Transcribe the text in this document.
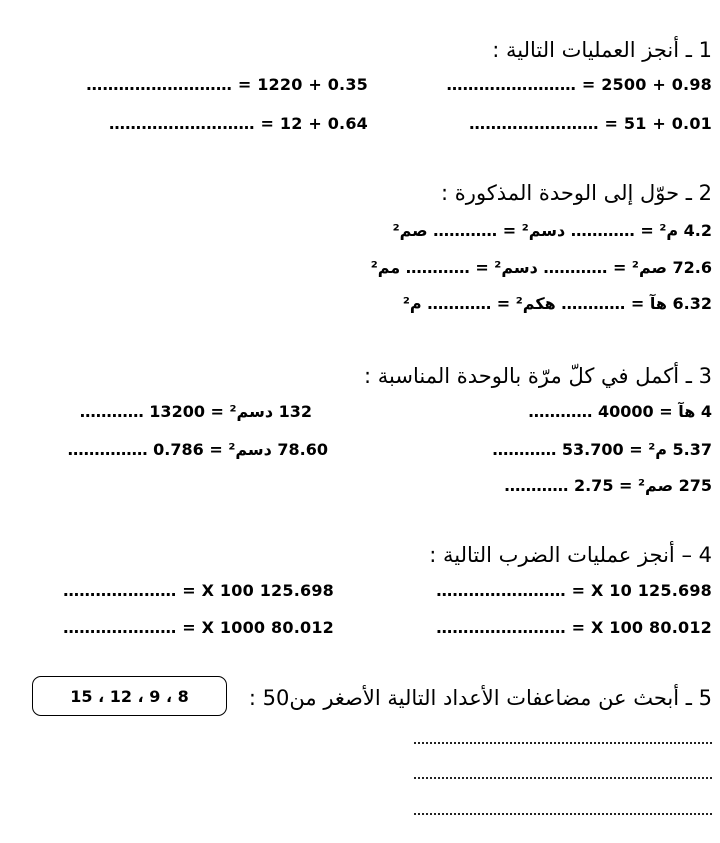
1 ـ أنجز العمليات التالية :
0.98 + 2500 = ……………………
0.01 + 51 = ……………………
0.35 + 1220 = ………………………
0.64 + 12 = ………………………
2 ـ حوّل إلى الوحدة المذكورة :
4.2 م² = ………… دسم² = ………… صم²
72.6 صم² = ………… دسم² = ………… مم²
6.32 هآ = ………… هكم² = ………… م²
3 ـ أكمل في كلّ مرّة بالوحدة المناسبة :
4 هآ = 40000 …………
5.37 م² = 53.700 …………
275 صم² = 2.75 …………
132 دسم² = 13200 …………
78.60 دسم² = 0.786 ……………
4 – أنجز عمليات الضرب التالية :
125.698 X 10 = ……………………
80.012 X 100 = ……………………
125.698 X 100 = …………………
80.012 X 1000 = …………………
5 ـ أبحث عن مضاعفات الأعداد التالية الأصغر من50 :
8 ، 9 ، 12 ، 15
